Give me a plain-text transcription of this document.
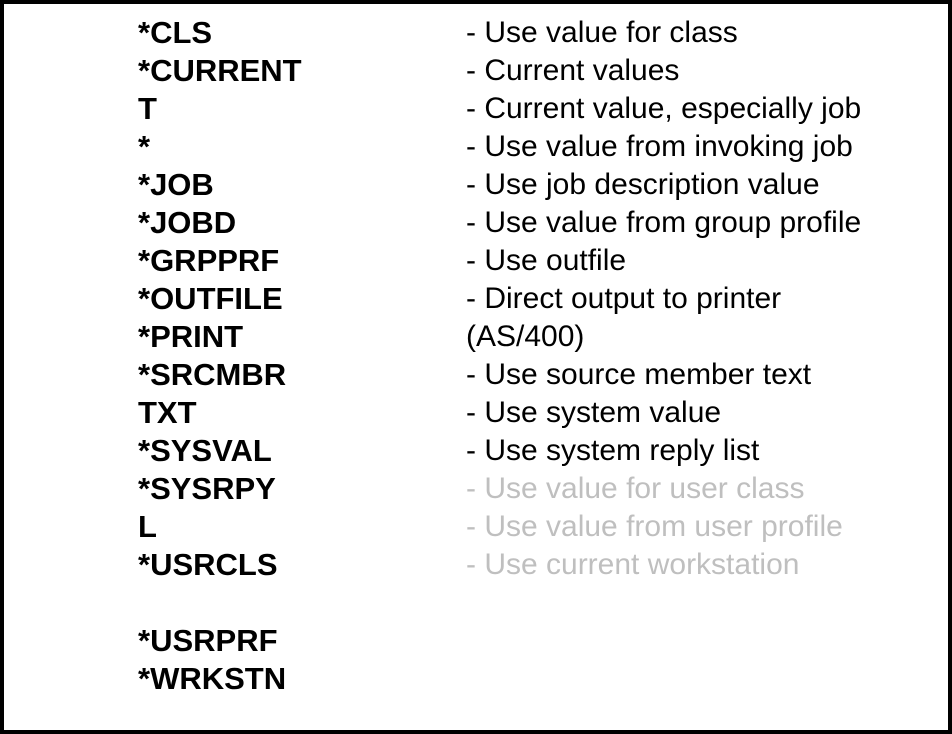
*CLS
*CURRENT
T
*
*JOB
*JOBD
*GRPPRF
*OUTFILE
*PRINT
*SRCMBR
TXT
*SYSVAL
*SYSRPY
L
*USRCLS
*USRPRF
*WRKSTN
- Use value for class
- Current values
- Current value, especially job
- Use value from invoking job
- Use job description value
- Use value from group profile
- Use outfile
- Direct output to printer
(AS/400)
- Use source member text
- Use system value
- Use system reply list
- Use value for user class
- Use value from user profile
- Use current workstation
